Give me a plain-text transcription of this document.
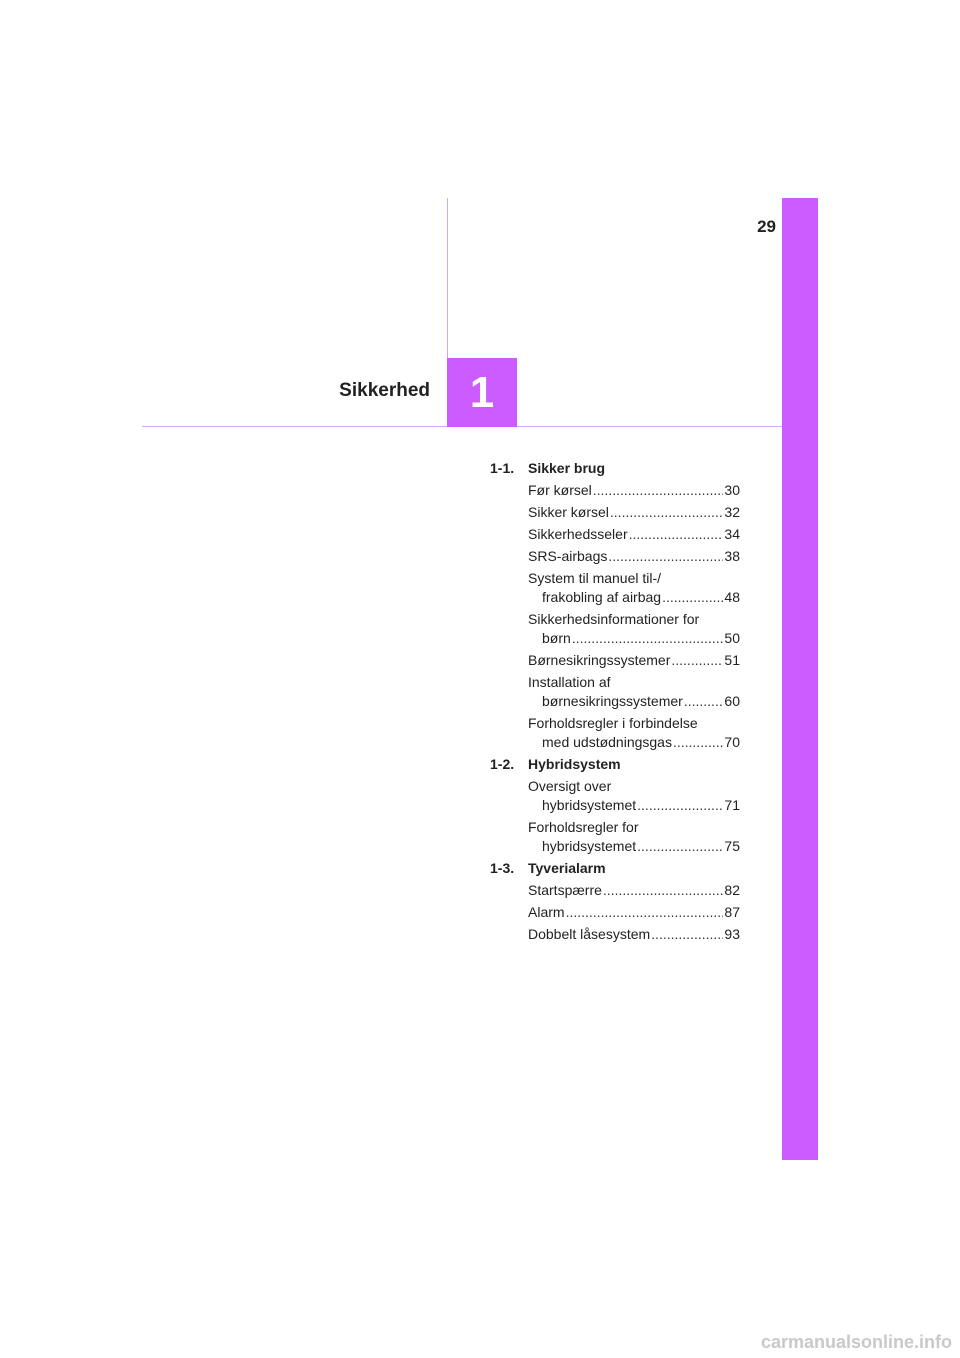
29
Sikkerhed 1
1-1. Sikker brug
Før kørsel .....	30
Sikker kørsel .....	32
Sikkerhedsseler .....	34
SRS-airbags .....	38
System til manuel til-/
frakobling af airbag .....	48
Sikkerhedsinformationer for
børn .....	50
Børnesikringssystemer .....	51
Installation af
børnesikringssystemer .....	60
Forholdsregler i forbindelse
med udstødningsgas .....	70
1-2. Hybridsystem
Oversigt over
hybridsystemet .....	71
Forholdsregler for
hybridsystemet .....	75
1-3. Tyverialarm
Startspærre .....	82
Alarm .....	87
Dobbelt låsesystem .....	93
carmanualsonline.info
